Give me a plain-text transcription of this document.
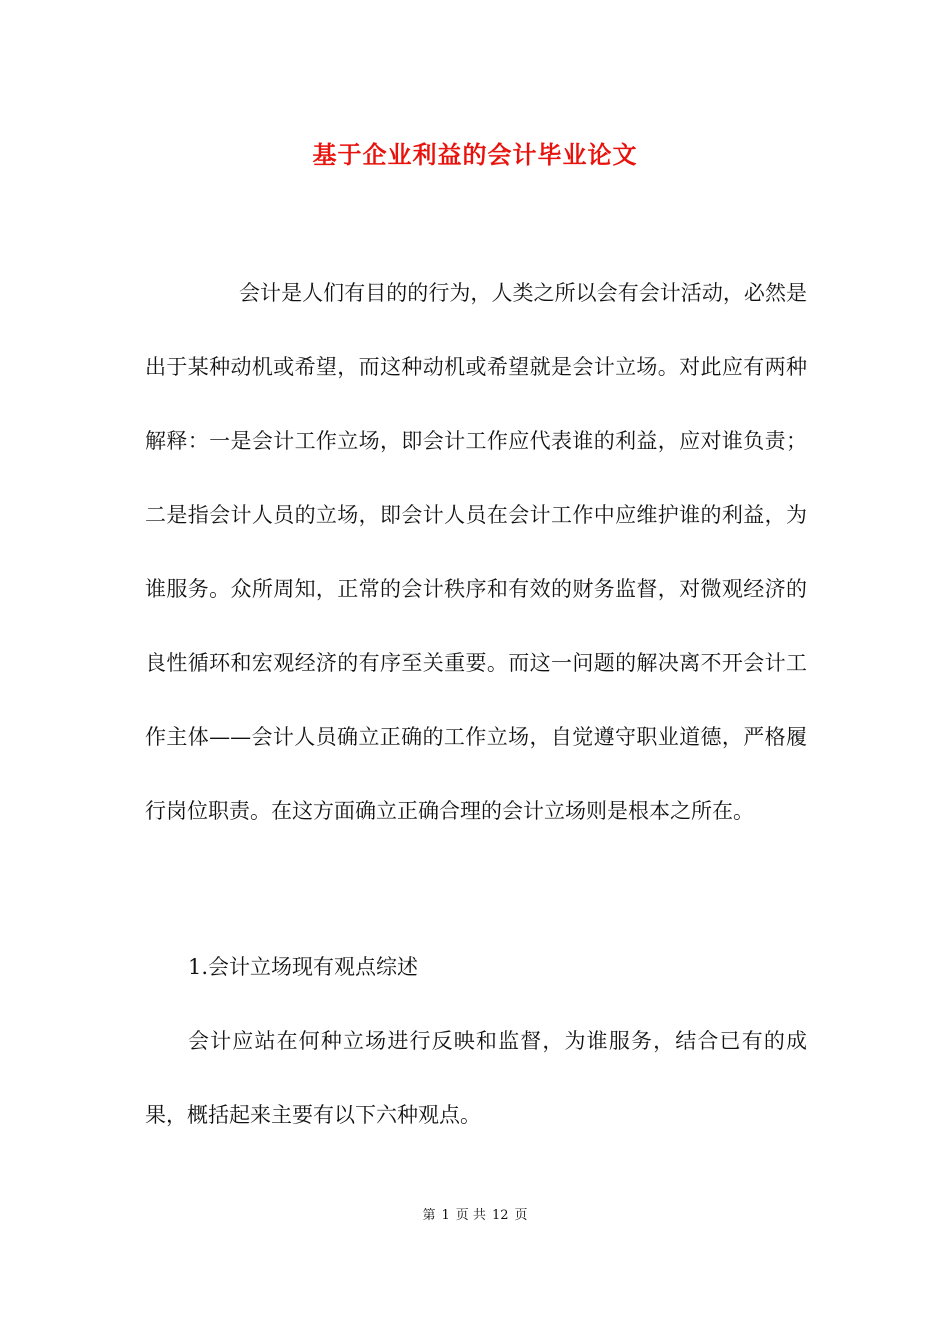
基于企业利益的会计毕业论文
会计是人们有目的的行为，人类之所以会有会计活动，必然是出于某种动机或希望，而这种动机或希望就是会计立场。对此应有两种解释：一是会计工作立场，即会计工作应代表谁的利益，应对谁负责；二是指会计人员的立场，即会计人员在会计工作中应维护谁的利益，为谁服务。众所周知，正常的会计秩序和有效的财务监督，对微观经济的良性循环和宏观经济的有序至关重要。而这一问题的解决离不开会计工作主体——会计人员确立正确的工作立场，自觉遵守职业道德，严格履行岗位职责。在这方面确立正确合理的会计立场则是根本之所在。
1.会计立场现有观点综述
会计应站在何种立场进行反映和监督，为谁服务，结合已有的成果，概括起来主要有以下六种观点。
第 1 页 共 12 页
